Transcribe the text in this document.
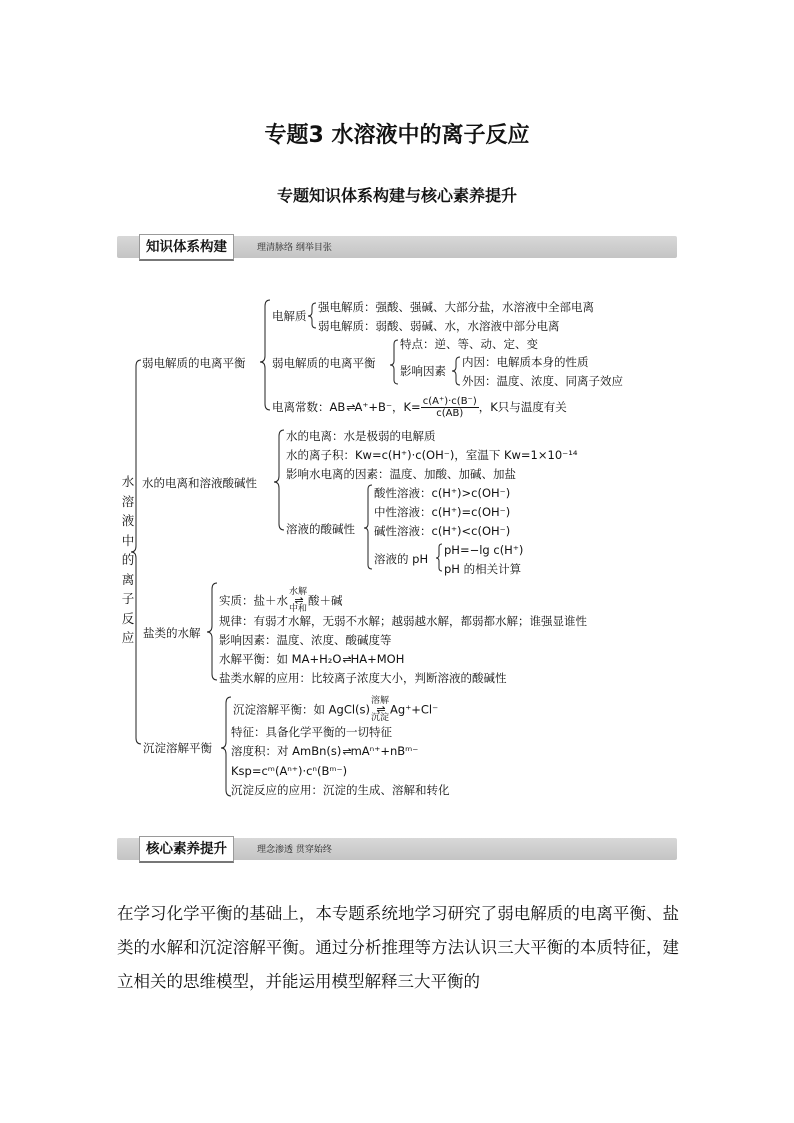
专题3 水溶液中的离子反应
专题知识体系构建与核心素养提升
知识体系构建	理清脉络 纲举目张
水溶液中的离子反应
弱电解质的电离平衡
电解质
强电解质：强酸、强碱、大部分盐，水溶液中全部电离
弱电解质：弱酸、弱碱、水，水溶液中部分电离
弱电解质的电离平衡
特点：逆、等、动、定、变
影响因素
内因：电解质本身的性质
外因：温度、浓度、同离子效应
电离常数：AB ⇌ A⁺+B⁻，$K= \frac{c(A^+)\cdot c(B^-)}{c(AB)}$ ，K只与温度有关
水的电离和溶液酸碱性
水的电离：水是极弱的电解质
水的离子积：Kw=c(H⁺)·c(OH⁻)，室温下 Kw=1×10⁻¹⁴
影响水电离的因素：温度、加酸、加碱、加盐
溶液的酸碱性
酸性溶液：c(H⁺)>c(OH⁻)
中性溶液：c(H⁺)=c(OH⁻)
碱性溶液：c(H⁺)<c(OH⁻)
溶液的 pH
pH=−lg c(H⁺)
pH 的相关计算
盐类的水解
实质：盐＋水水解
⇌
中和酸＋碱
规律：有弱才水解，无弱不水解；越弱越水解，都弱都水解；谁强显谁性
影响因素：温度、浓度、酸碱度等
水解平衡：如 MA+H₂O ⇌ HA+MOH
盐类水解的应用：比较离子浓度大小，判断溶液的酸碱性
沉淀溶解平衡
沉淀溶解平衡：如 AgCl(s)溶解
⇌
沉淀Ag⁺+Cl⁻
特征：具备化学平衡的一切特征
溶度积：对 AmBn(s) ⇌ mAⁿ⁺+nBᵐ⁻
Ksp=cᵐ(Aⁿ⁺)·cⁿ(Bᵐ⁻)
沉淀反应的应用：沉淀的生成、溶解和转化
核心素养提升	理念渗透 贯穿始终
在学习化学平衡的基础上，本专题系统地学习研究了弱电解质的电离平衡、盐类的水解和沉淀溶解平衡。通过分析推理等方法认识三大平衡的本质特征，建立相关的思维模型，并能运用模型解释三大平衡的
